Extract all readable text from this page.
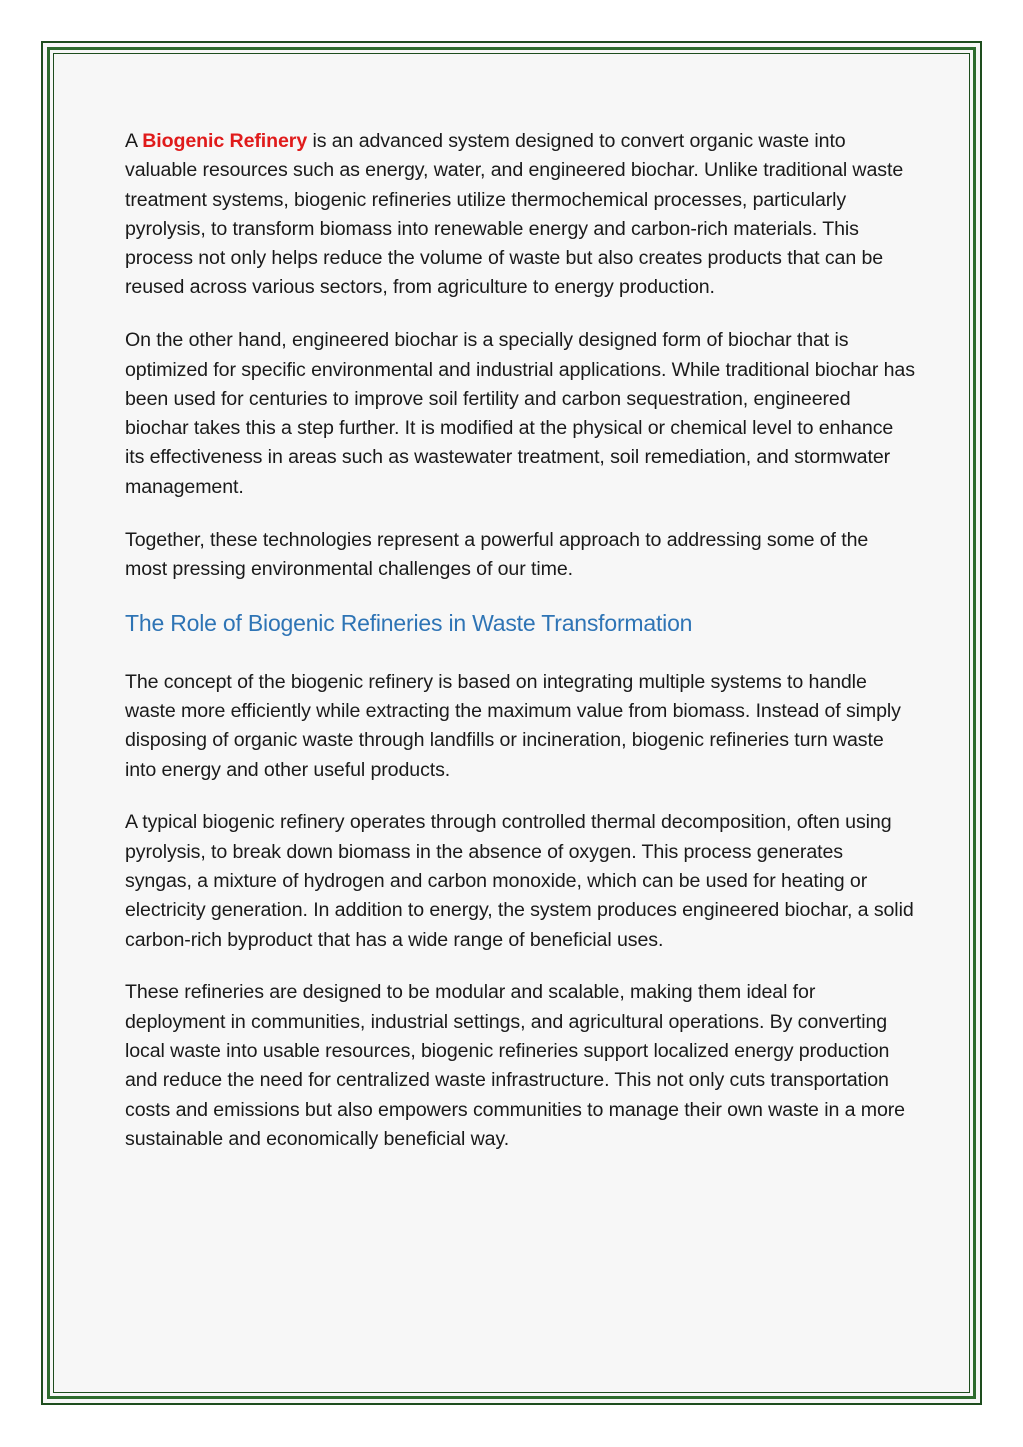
A Biogenic Refinery is an advanced system designed to convert organic waste into valuable resources such as energy, water, and engineered biochar. Unlike traditional waste treatment systems, biogenic refineries utilize thermochemical processes, particularly pyrolysis, to transform biomass into renewable energy and carbon-rich materials. This process not only helps reduce the volume of waste but also creates products that can be reused across various sectors, from agriculture to energy production.

On the other hand, engineered biochar is a specially designed form of biochar that is optimized for specific environmental and industrial applications. While traditional biochar has been used for centuries to improve soil fertility and carbon sequestration, engineered biochar takes this a step further. It is modified at the physical or chemical level to enhance its effectiveness in areas such as wastewater treatment, soil remediation, and stormwater management.

Together, these technologies represent a powerful approach to addressing some of the most pressing environmental challenges of our time.

The Role of Biogenic Refineries in Waste Transformation

The concept of the biogenic refinery is based on integrating multiple systems to handle waste more efficiently while extracting the maximum value from biomass. Instead of simply disposing of organic waste through landfills or incineration, biogenic refineries turn waste into energy and other useful products.

A typical biogenic refinery operates through controlled thermal decomposition, often using pyrolysis, to break down biomass in the absence of oxygen. This process generates syngas, a mixture of hydrogen and carbon monoxide, which can be used for heating or electricity generation. In addition to energy, the system produces engineered biochar, a solid carbon-rich byproduct that has a wide range of beneficial uses.

These refineries are designed to be modular and scalable, making them ideal for deployment in communities, industrial settings, and agricultural operations. By converting local waste into usable resources, biogenic refineries support localized energy production and reduce the need for centralized waste infrastructure. This not only cuts transportation costs and emissions but also empowers communities to manage their own waste in a more sustainable and economically beneficial way.
